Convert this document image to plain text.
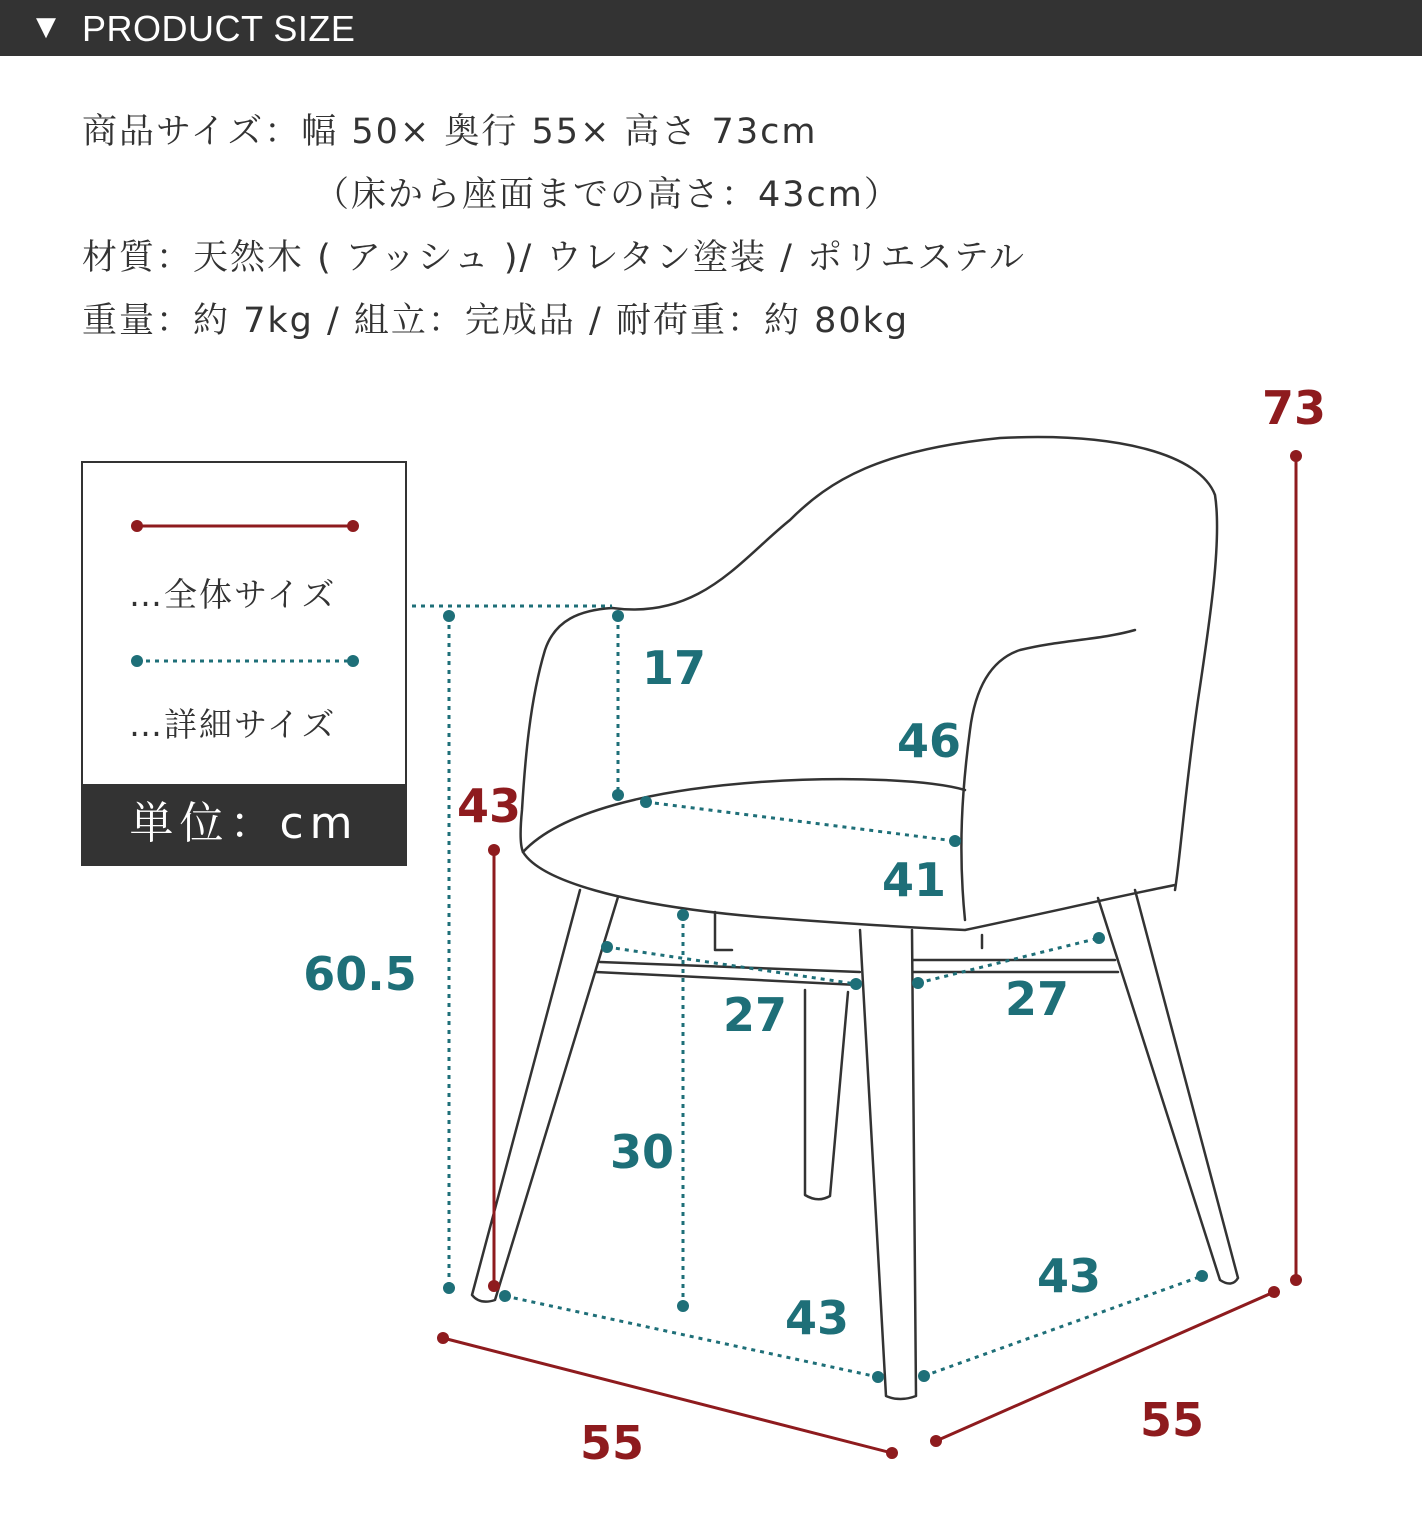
▼ PRODUCT SIZE
商品サイズ：幅 50× 奥行 55× 高さ 73cm
（床から座面までの高さ：43cm）
材質：天然木 ( アッシュ )/ ウレタン塗装 / ポリエステル
重量：約 7kg / 組立：完成品 / 耐荷重：約 80kg
…全体サイズ
…詳細サイズ
単位：cm
73
43
60.5
17
46
41
27	27
30
43
43
55	55
